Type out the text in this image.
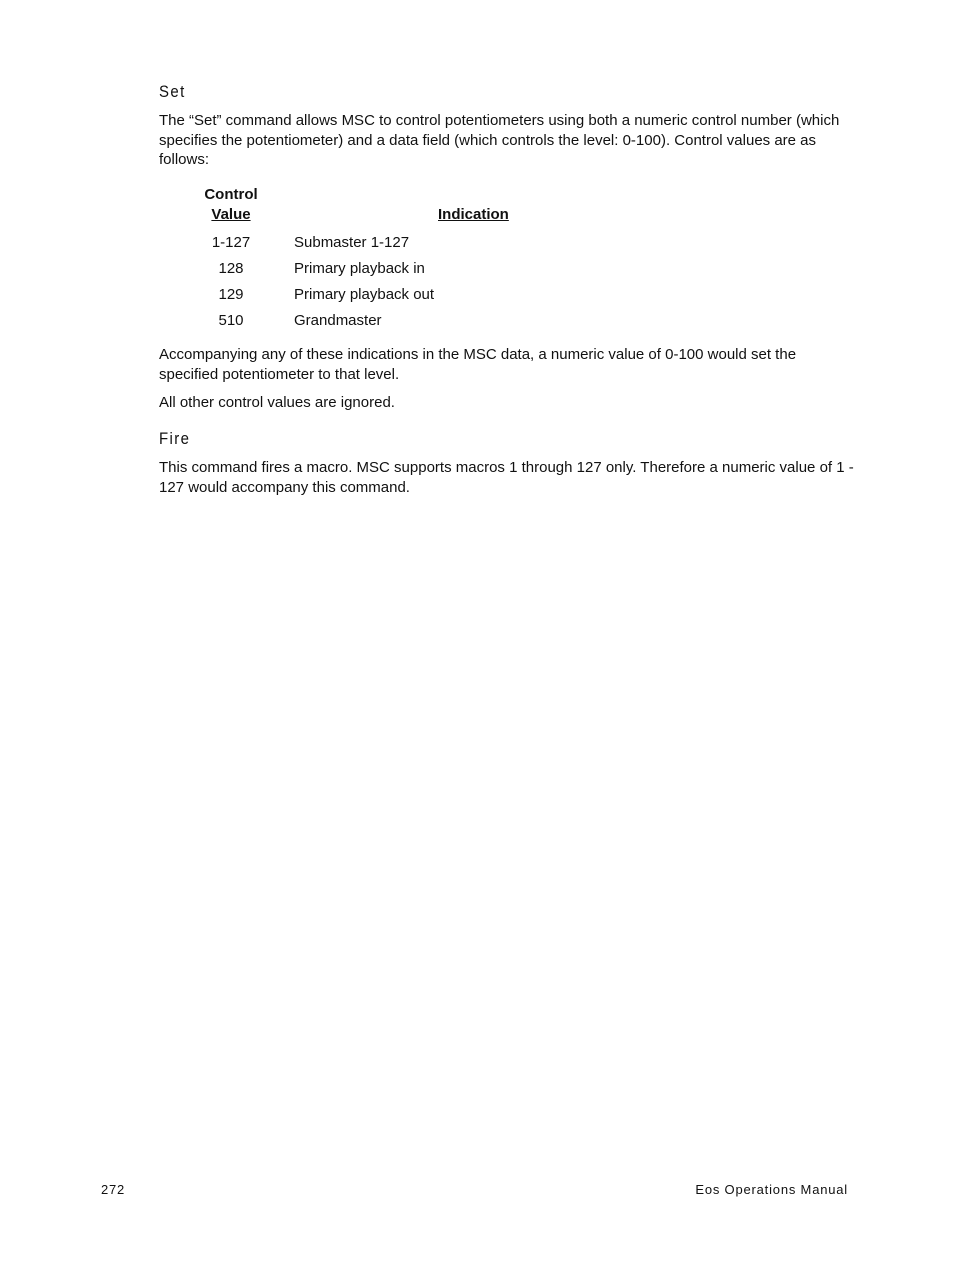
Set

The “Set” command allows MSC to control potentiometers using both a numeric control number (which specifies the potentiometer) and a data field (which controls the level: 0-100). Control values are as follows:

Control
Value	Indication
1-127	Submaster 1-127
128	Primary playback in
129	Primary playback out
510	Grandmaster

Accompanying any of these indications in the MSC data, a numeric value of 0-100 would set the specified potentiometer to that level.

All other control values are ignored.

Fire

This command fires a macro. MSC supports macros 1 through 127 only. Therefore a numeric value of 1 - 127 would accompany this command.

272	Eos Operations Manual
